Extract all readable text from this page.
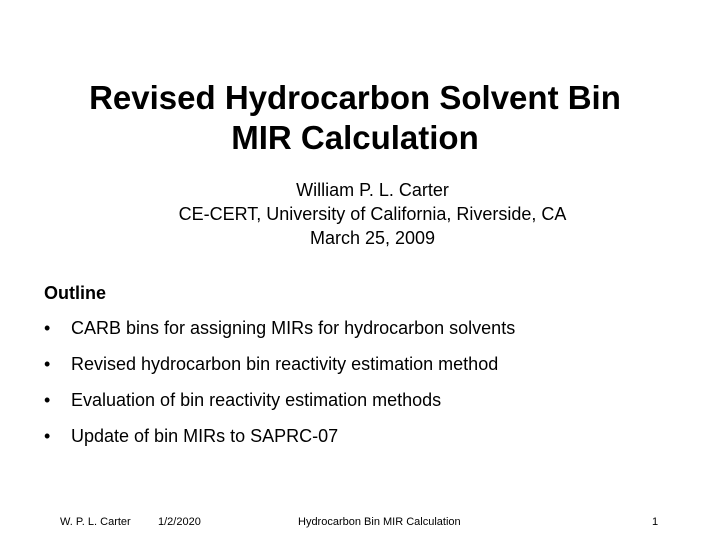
Revised Hydrocarbon Solvent Bin
MIR Calculation
William P. L. Carter
CE-CERT, University of California, Riverside, CA
March 25, 2009
Outline
•	CARB bins for assigning MIRs for hydrocarbon solvents
•	Revised hydrocarbon bin reactivity estimation method
•	Evaluation of bin reactivity estimation methods
•	Update of bin MIRs to SAPRC-07
W. P. L. Carter 1/2/2020	Hydrocarbon Bin MIR Calculation	1
